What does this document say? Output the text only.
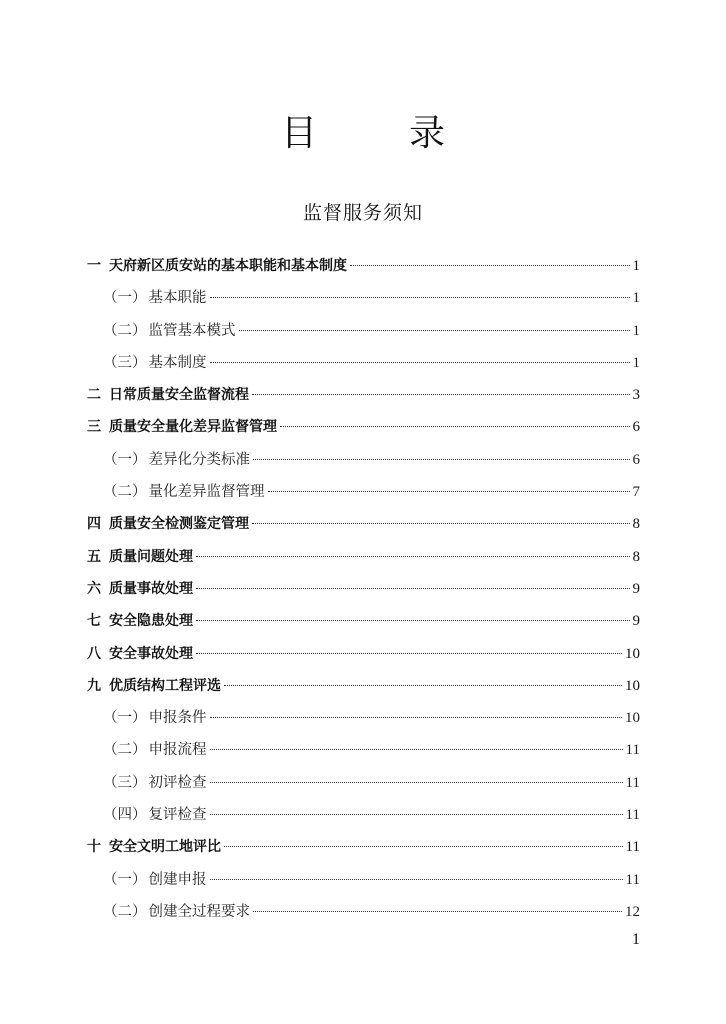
目　录
监督服务须知
一 天府新区质安站的基本职能和基本制度	1
（一） 基本职能	1
（二） 监管基本模式	1
（三） 基本制度	1
二 日常质量安全监督流程	3
三 质量安全量化差异监督管理	6
（一） 差异化分类标准	6
（二） 量化差异监督管理	7
四 质量安全检测鉴定管理	8
五 质量问题处理	8
六 质量事故处理	9
七 安全隐患处理	9
八 安全事故处理	10
九 优质结构工程评选	10
（一） 申报条件	10
（二） 申报流程	11
（三） 初评检查	11
（四） 复评检查	11
十 安全文明工地评比	11
（一） 创建申报	11
（二） 创建全过程要求	12
1
